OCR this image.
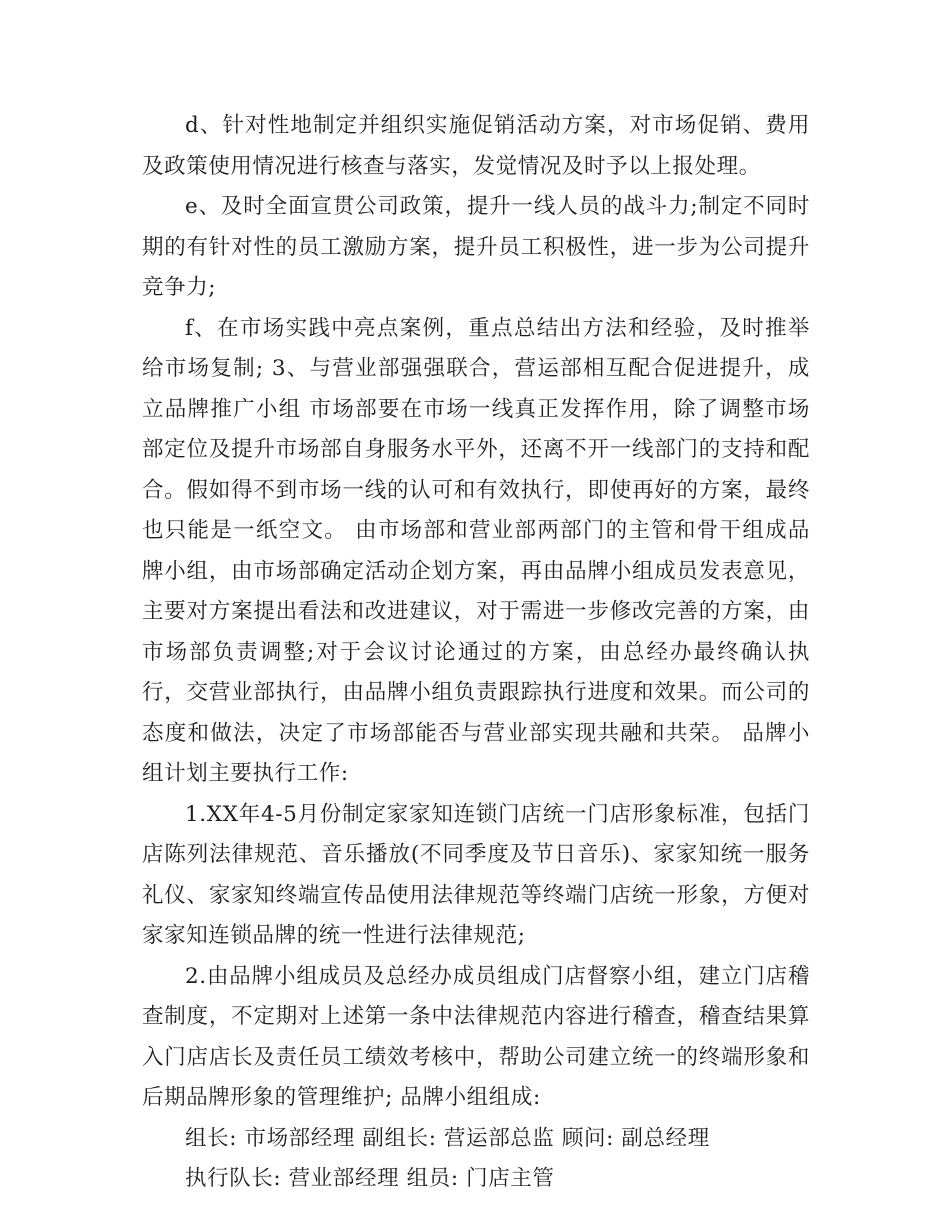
d、针对性地制定并组织实施促销活动方案，对市场促销、费用及政策使用情况进行核查与落实，发觉情况及时予以上报处理。

e、及时全面宣贯公司政策，提升一线人员的战斗力;制定不同时期的有针对性的员工激励方案，提升员工积极性，进一步为公司提升竞争力;

f、在市场实践中亮点案例，重点总结出方法和经验，及时推举给市场复制; 3、与营业部强强联合，营运部相互配合促进提升，成立品牌推广小组 市场部要在市场一线真正发挥作用，除了调整市场部定位及提升市场部自身服务水平外，还离不开一线部门的支持和配合。假如得不到市场一线的认可和有效执行，即使再好的方案，最终也只能是一纸空文。 由市场部和营业部两部门的主管和骨干组成品牌小组，由市场部确定活动企划方案，再由品牌小组成员发表意见，主要对方案提出看法和改进建议，对于需进一步修改完善的方案，由市场部负责调整;对于会议讨论通过的方案，由总经办最终确认执行，交营业部执行，由品牌小组负责跟踪执行进度和效果。而公司的态度和做法，决定了市场部能否与营业部实现共融和共荣。 品牌小组计划主要执行工作:

1.XX年4-5月份制定家家知连锁门店统一门店形象标准，包括门店陈列法律规范、音乐播放(不同季度及节日音乐)、家家知统一服务礼仪、家家知终端宣传品使用法律规范等终端门店统一形象，方便对家家知连锁品牌的统一性进行法律规范;

2.由品牌小组成员及总经办成员组成门店督察小组，建立门店稽查制度，不定期对上述第一条中法律规范内容进行稽查，稽查结果算入门店店长及责任员工绩效考核中，帮助公司建立统一的终端形象和后期品牌形象的管理维护; 品牌小组组成:

组长: 市场部经理 副组长: 营运部总监 顾问: 副总经理

执行队长: 营业部经理 组员: 门店主管
